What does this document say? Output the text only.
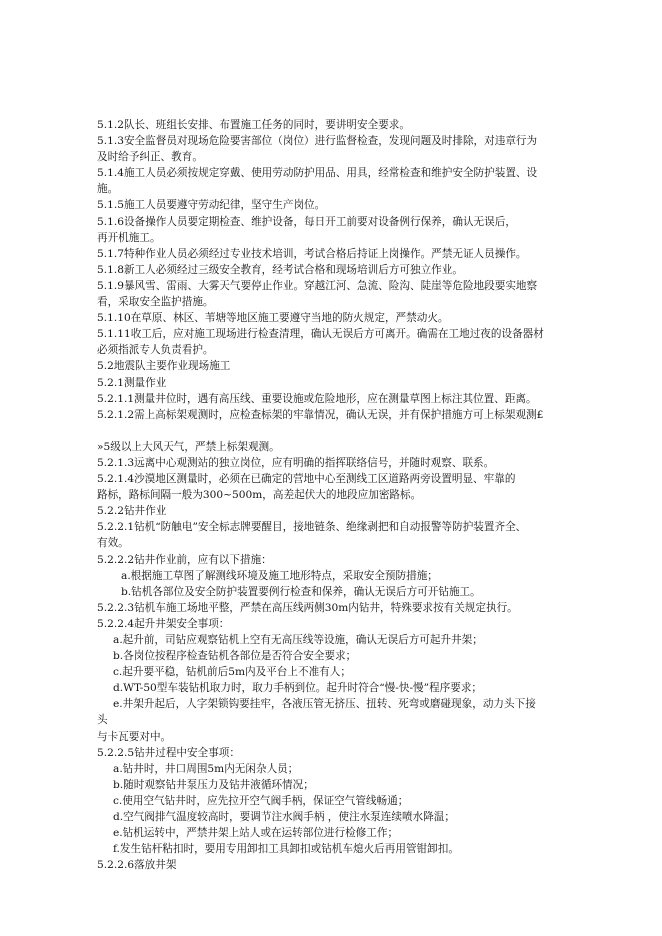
5.1.2队长、班组长安排、布置施工任务的同时，要讲明安全要求。
5.1.3安全监督员对现场危险要害部位（岗位）进行监督检查，发现问题及时排除，对违章行为
及时给予纠正、教育。
5.1.4施工人员必须按规定穿戴、使用劳动防护用品、用具，经常检查和维护安全防护装置、设
施。
5.1.5施工人员要遵守劳动纪律，坚守生产岗位。
5.1.6设备操作人员要定期检查、维护设备，每日开工前要对设备例行保养，确认无误后，
再开机施工。
5.1.7特种作业人员必须经过专业技术培训，考试合格后持证上岗操作。严禁无证人员操作。
5.1.8新工人必须经过三级安全教育，经考试合格和现场培训后方可独立作业。
5.1.9暴风雪、雷雨、大雾天气要停止作业。穿越江河、急流、险沟、陡崖等危险地段要实地察
看，采取安全监护措施。
5.1.10在草原、林区、苇塘等地区施工要遵守当地的防火规定，严禁动火。
5.1.11收工后，应对施工现场进行检查清理，确认无误后方可离开。确需在工地过夜的设备器材
必须指派专人负责看护。
5.2地震队主要作业现场施工
5.2.1测量作业
5.2.1.1测量井位时，遇有高压线、重要设施或危险地形，应在测量草图上标注其位置、距离。
5.2.1.2需上高标架观测时，应检查标架的牢靠情况，确认无误，并有保护措施方可上标架观测£
»5级以上大风天气，严禁上标架观测。
5.2.1.3远离中心观测站的独立岗位，应有明确的指挥联络信号，并随时观察、联系。
5.2.1.4沙漠地区测量时，必须在已确定的营地中心至测线工区道路两旁设置明显、牢靠的
路标，路标间隔一般为300~500m，高差起伏大的地段应加密路标。
5.2.2钻井作业
5.2.2.1钻机“防触电”安全标志牌要醒目，接地链条、绝缘剥把和自动报警等防护装置齐全、
有效。
5.2.2.2钻井作业前，应有以下措施：
a.根据施工草图了解测线环境及施工地形特点，采取安全预防措施；
b.钻机各部位及安全防护装置要例行检查和保养，确认无误后方可开钻施工。
5.2.2.3钻机车施工场地平整，严禁在高压线两侧30m内钻井，特殊要求按有关规定执行。
5.2.2.4起升井架安全事项：
a.起升前，司钻应观察钻机上空有无高压线等设施，确认无误后方可起升井架；
b.各岗位按程序检查钻机各部位是否符合安全要求；
c.起升要平稳，钻机前后5m内及平台上不准有人；
d.WT-50型车装钻机取力时，取力手柄到位。起升时符合“慢-快-慢”程序要求；
e.井架升起后，人字架锁钩要挂牢，各液压管无挤压、扭转、死弯或磨碰现象，动力头下接
头
与卡瓦要对中。
5.2.2.5钻井过程中安全事项：
a.钻井时，井口周围5m内无闲杂人员；
b.随时观察钻井泵压力及钻井液循环情况；
c.使用空气钻井时，应先拉开空气阀手柄，保证空气管线畅通；
d.空气阀排气温度较高时，要调节注水阀手柄 ，使注水泵连续喷水降温；
e.钻机运转中，严禁井架上站人或在运转部位进行检修工作；
f.发生钻杆粘扣时，要用专用卸扣工具卸扣或钻机车熄火后再用管钳卸扣。
5.2.2.6落放井架
